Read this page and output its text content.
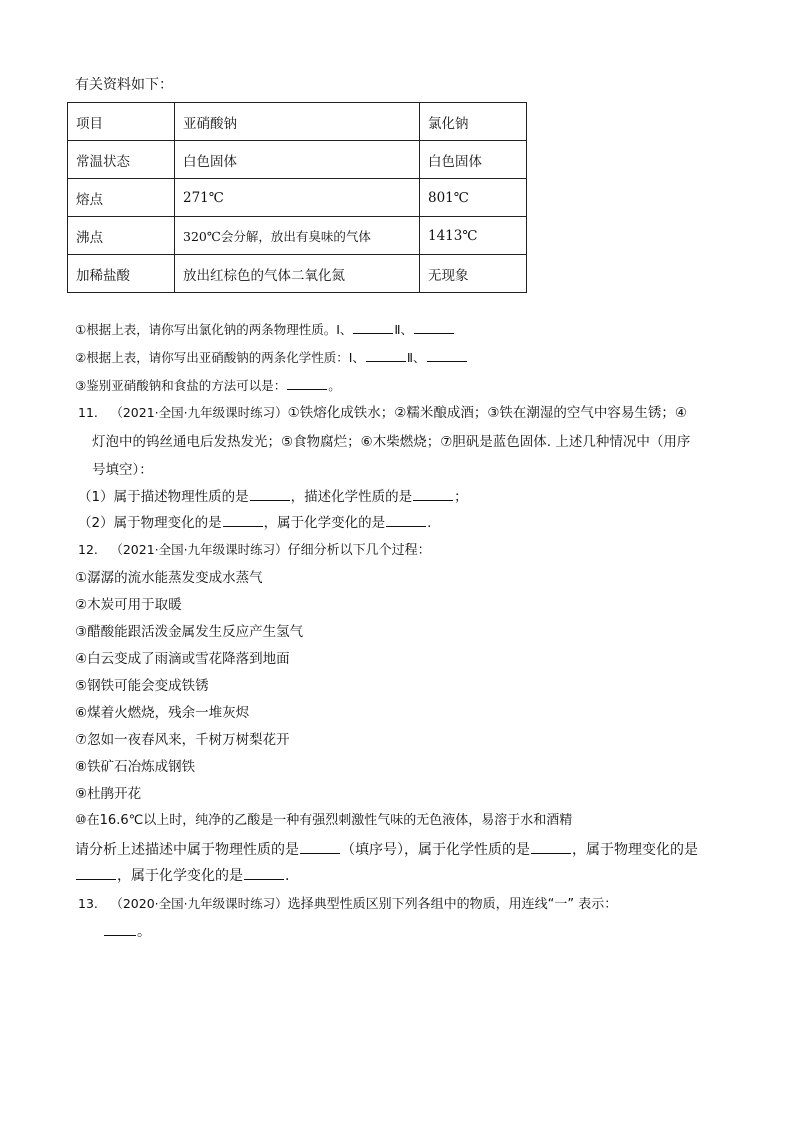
有关资料如下：
项目	亚硝酸钠	氯化钠
常温状态	白色固体	白色固体
熔点	271℃	801℃
沸点	320℃会分解，放出有臭味的气体	1413℃
加稀盐酸	放出红棕色的气体二氧化氮	无现象
①根据上表，请你写出氯化钠的两条物理性质。Ⅰ、	Ⅱ、
②根据上表，请你写出亚硝酸钠的两条化学性质：Ⅰ、	Ⅱ、
③鉴别亚硝酸钠和食盐的方法可以是：	。
11. （2021·全国·九年级课时练习）①铁熔化成铁水；②糯米酿成酒；③铁在潮湿的空气中容易生锈；④
灯泡中的钨丝通电后发热发光；⑤食物腐烂；⑥木柴燃烧；⑦胆矾是蓝色固体. 上述几种情况中（用序
号填空）：
（1）属于描述物理性质的是	，描述化学性质的是	；
（2）属于物理变化的是	，属于化学变化的是	.
12. （2021·全国·九年级课时练习）仔细分析以下几个过程：
①潺潺的流水能蒸发变成水蒸气
②木炭可用于取暖
③醋酸能跟活泼金属发生反应产生氢气
④白云变成了雨滴或雪花降落到地面
⑤钢铁可能会变成铁锈
⑥煤着火燃烧，残余一堆灰烬
⑦忽如一夜春风来，千树万树梨花开
⑧铁矿石冶炼成钢铁
⑨杜鹃开花
⑩在16.6℃以上时，纯净的乙酸是一种有强烈刺激性气味的无色液体，易溶于水和酒精
请分析上述描述中属于物理性质的是	（填序号），属于化学性质的是	，属于物理变化的是
，属于化学变化的是	.
13. （2020·全国·九年级课时练习）选择典型性质区别下列各组中的物质，用连线“一” 表示：
。
